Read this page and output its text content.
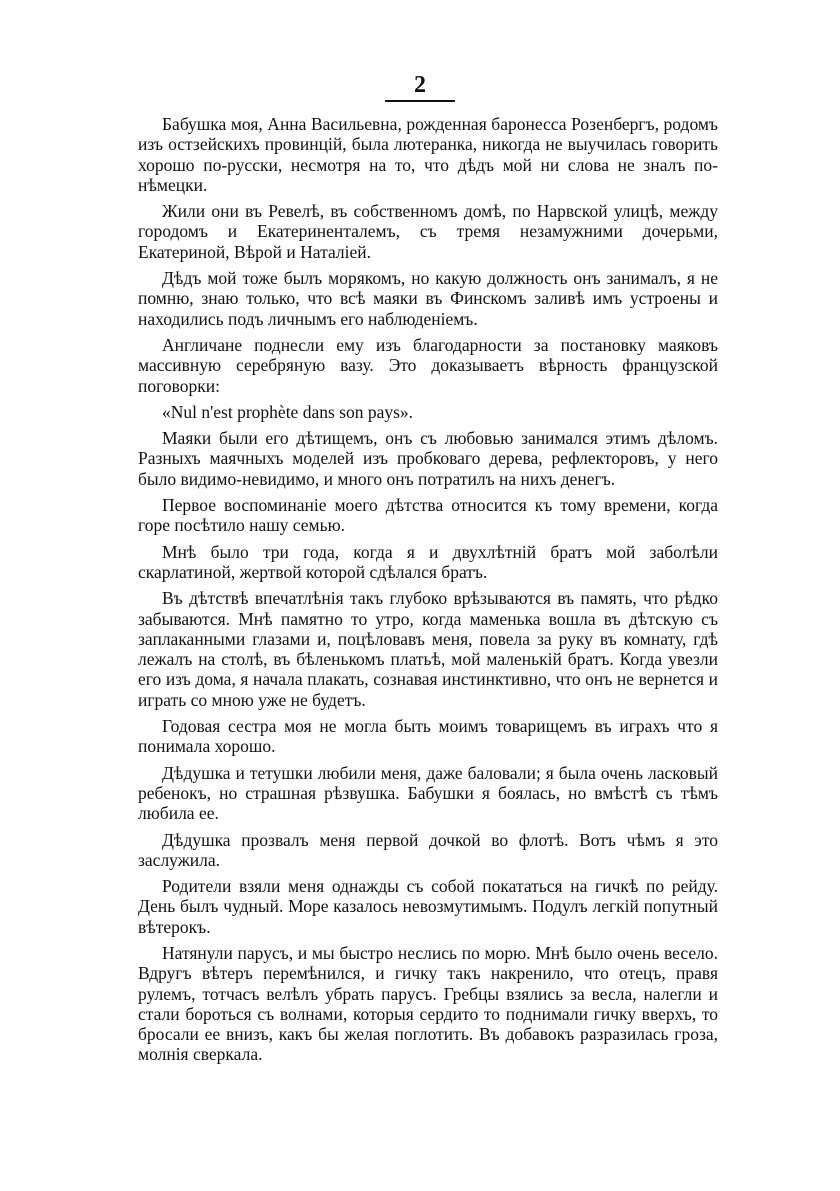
2

Бабушка моя, Анна Васильевна, рожденная баронесса Розенбергъ, родомъ изъ остзейскихъ провинцій, была лютеранка, никогда не выучилась говорить хорошо по-русски, несмотря на то, что дѣдъ мой ни слова не зналъ по-нѣмецки.

Жили они въ Ревелѣ, въ собственномъ домѣ, по Нарвской улицѣ, между городомъ и Екатериненталемъ, съ тремя незамужними дочерьми, Екатериной, Вѣрой и Наталіей.

Дѣдъ мой тоже былъ морякомъ, но какую должность онъ занималъ, я не помню, знаю только, что всѣ маяки въ Финскомъ заливѣ имъ устроены и находились подъ личнымъ его наблюденіемъ.

Англичане поднесли ему изъ благодарности за постановку маяковъ массивную серебряную вазу. Это доказываетъ вѣрность французской поговорки:

«Nul n'est prophète dans son pays».

Маяки были его дѣтищемъ, онъ съ любовью занимался этимъ дѣломъ. Разныхъ маячныхъ моделей изъ пробковаго дерева, рефлекторовъ, у него было видимо-невидимо, и много онъ потратилъ на нихъ денегъ.

Первое воспоминаніе моего дѣтства относится къ тому времени, когда горе посѣтило нашу семью.

Мнѣ было три года, когда я и двухлѣтній братъ мой заболѣли скарлатиной, жертвой которой сдѣлался братъ.

Въ дѣтствѣ впечатлѣнія такъ глубоко врѣзываются въ память, что рѣдко забываются. Мнѣ памятно то утро, когда маменька вошла въ дѣтскую съ заплаканными глазами и, поцѣловавъ меня, повела за руку въ комнату, гдѣ лежалъ на столѣ, въ бѣленькомъ платьѣ, мой маленькій братъ. Когда увезли его изъ дома, я начала плакать, сознавая инстинктивно, что онъ не вернется и играть со мною уже не будетъ.

Годовая сестра моя не могла быть моимъ товарищемъ въ играхъ что я понимала хорошо.

Дѣдушка и тетушки любили меня, даже баловали; я была очень ласковый ребенокъ, но страшная рѣзвушка. Бабушки я боялась, но вмѣстѣ съ тѣмъ любила ее.

Дѣдушка прозвалъ меня первой дочкой во флотѣ. Вотъ чѣмъ я это заслужила.

Родители взяли меня однажды съ собой покататься на гичкѣ по рейду. День былъ чудный. Море казалось невозмутимымъ. Подулъ легкій попутный вѣтерокъ.

Натянули парусъ, и мы быстро неслись по морю. Мнѣ было очень весело. Вдругъ вѣтеръ перемѣнился, и гичку такъ накренило, что отецъ, правя рулемъ, тотчасъ велѣлъ убрать парусъ. Гребцы взялись за весла, налегли и стали бороться съ волнами, которыя сердито то поднимали гичку вверхъ, то бросали ее внизъ, какъ бы желая поглотить. Въ добавокъ разразилась гроза, молнія сверкала.
